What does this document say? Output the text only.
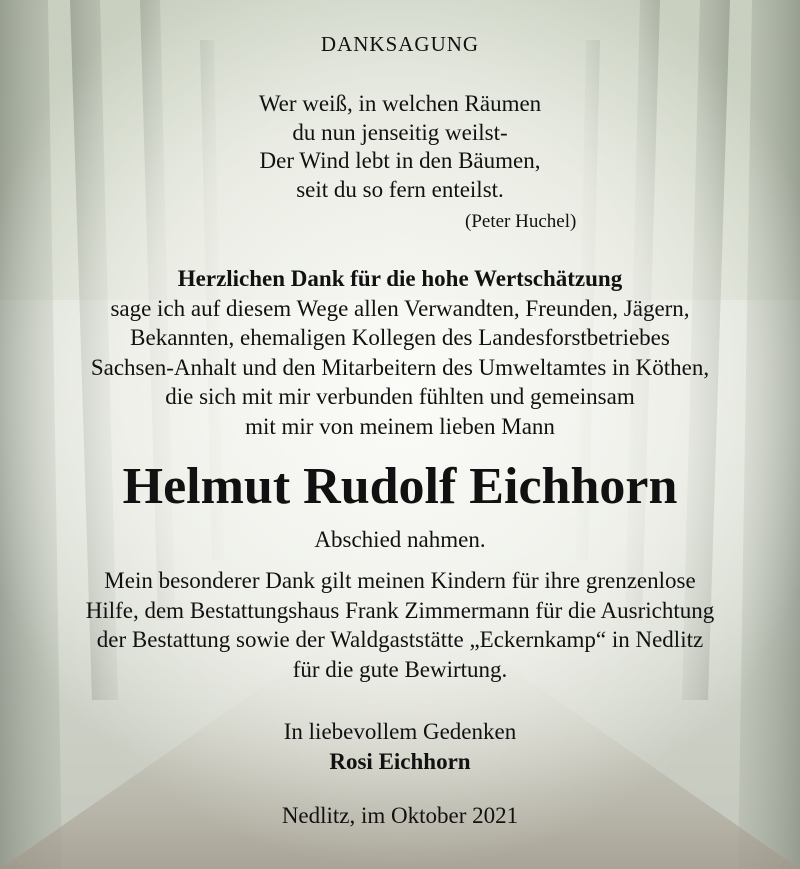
DANKSAGUNG
Wer weiß, in welchen Räumen
du nun jenseitig weilst-
Der Wind lebt in den Bäumen,
seit du so fern enteilst.
(Peter Huchel)
Herzlichen Dank für die hohe Wertschätzung
sage ich auf diesem Wege allen Verwandten, Freunden, Jägern,
Bekannten, ehemaligen Kollegen des Landesforstbetriebes
Sachsen-Anhalt und den Mitarbeitern des Umweltamtes in Köthen,
die sich mit mir verbunden fühlten und gemeinsam
mit mir von meinem lieben Mann
Helmut Rudolf Eichhorn
Abschied nahmen.
Mein besonderer Dank gilt meinen Kindern für ihre grenzenlose
Hilfe, dem Bestattungshaus Frank Zimmermann für die Ausrichtung
der Bestattung sowie der Waldgaststätte „Eckernkamp“ in Nedlitz
für die gute Bewirtung.
In liebevollem Gedenken
Rosi Eichhorn
Nedlitz, im Oktober 2021
